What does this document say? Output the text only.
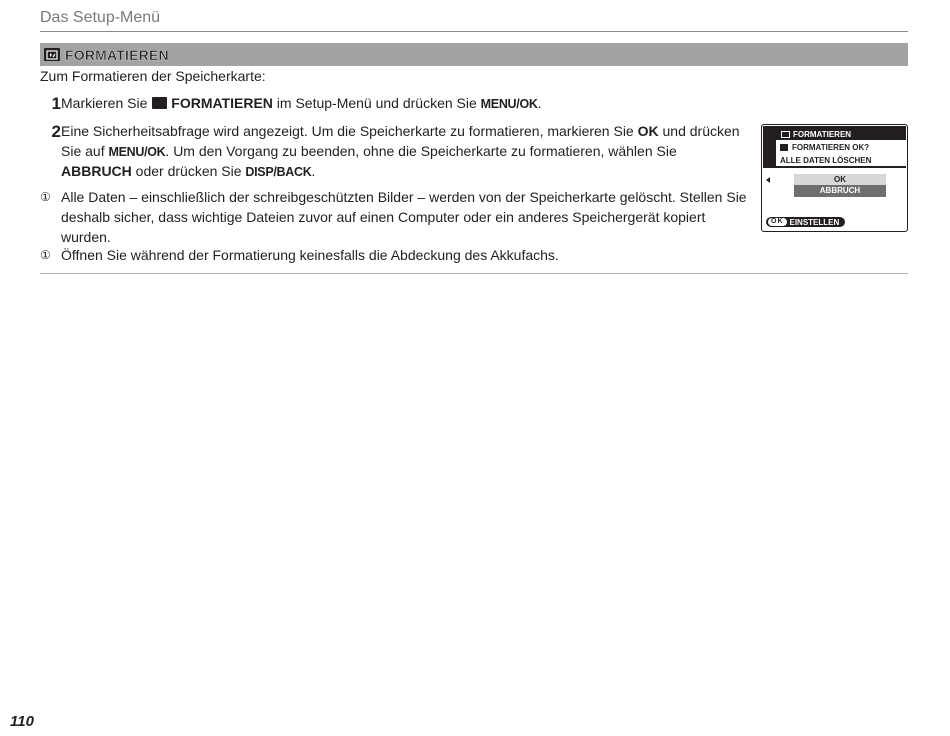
Das Setup-Menü
FORMATIEREN
Zum Formatieren der Speicherkarte:
1 Markieren Sie FORMATIEREN im Setup-Menü und drücken Sie MENU/OK.
2 Eine Sicherheitsabfrage wird angezeigt. Um die Speicherkarte zu formatieren, markieren Sie OK und drücken Sie auf MENU/OK. Um den Vorgang zu beenden, ohne die Speicherkarte zu formatieren, wählen Sie ABBRUCH oder drücken Sie DISP/BACK.
① Alle Daten – einschließlich der schreibgeschützten Bilder – werden von der Speicherkarte gelöscht. Stellen Sie deshalb sicher, dass wichtige Dateien zuvor auf einen Computer oder ein anderes Speichergerät kopiert wurden.
① Öffnen Sie während der Formatierung keinesfalls die Abdeckung des Akkufachs.
FORMATIEREN
FORMATIEREN OK?
ALLE DATEN LÖSCHEN
OK
ABBRUCH
OK EINSTELLEN
110
